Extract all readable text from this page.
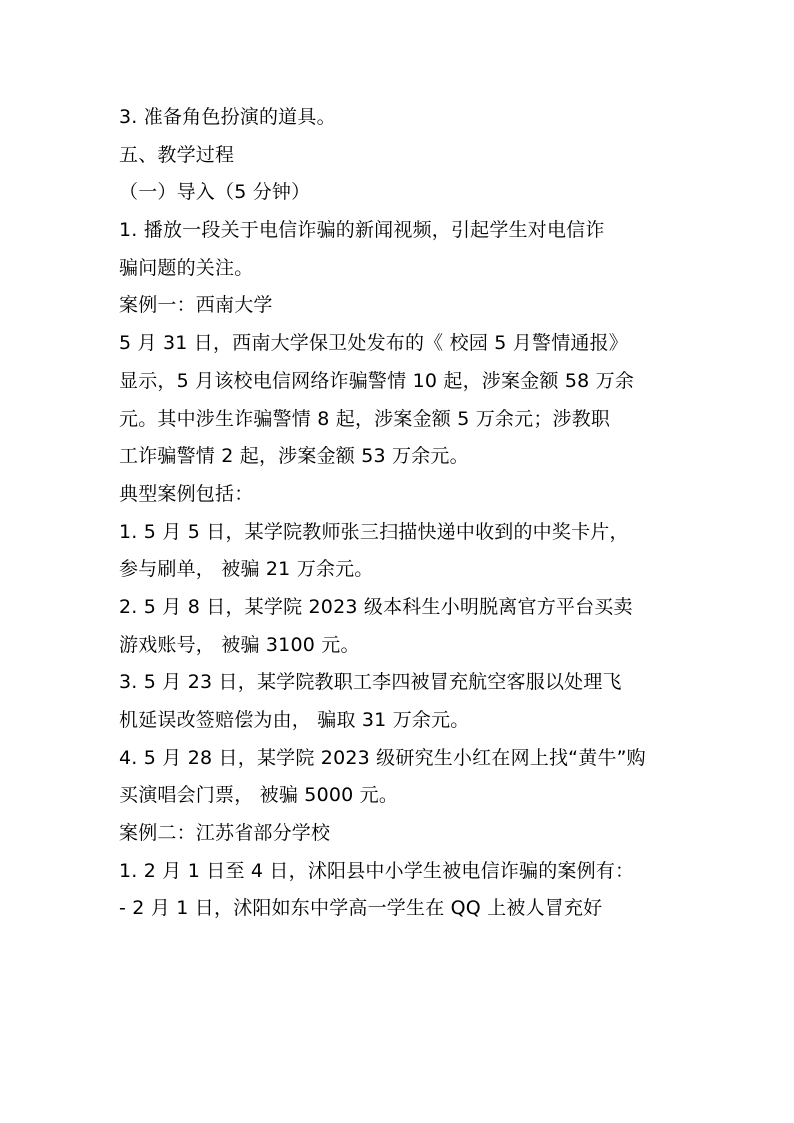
3. 准备角色扮演的道具。
五、教学过程
（一）导入（5 分钟）
1. 播放一段关于电信诈骗的新闻视频，引起学生对电信诈
骗问题的关注。
案例一：西南大学
5 月 31 日，西南大学保卫处发布的《 校园 5 月警情通报》
显示，5 月该校电信网络诈骗警情 10 起，涉案金额 58 万余
元。其中涉生诈骗警情 8 起，涉案金额 5 万余元；涉教职
工诈骗警情 2 起，涉案金额 53 万余元。
典型案例包括：
1. 5 月 5 日，某学院教师张三扫描快递中收到的中奖卡片，
参与刷单， 被骗 21 万余元。
2. 5 月 8 日，某学院 2023 级本科生小明脱离官方平台买卖
游戏账号， 被骗 3100 元。
3. 5 月 23 日，某学院教职工李四被冒充航空客服以处理飞
机延误改签赔偿为由， 骗取 31 万余元。
4. 5 月 28 日，某学院 2023 级研究生小红在网上找“黄牛”购
买演唱会门票， 被骗 5000 元。
案例二：江苏省部分学校
1. 2 月 1 日至 4 日，沭阳县中小学生被电信诈骗的案例有：
- 2 月 1 日，沭阳如东中学高一学生在 QQ 上被人冒充好
